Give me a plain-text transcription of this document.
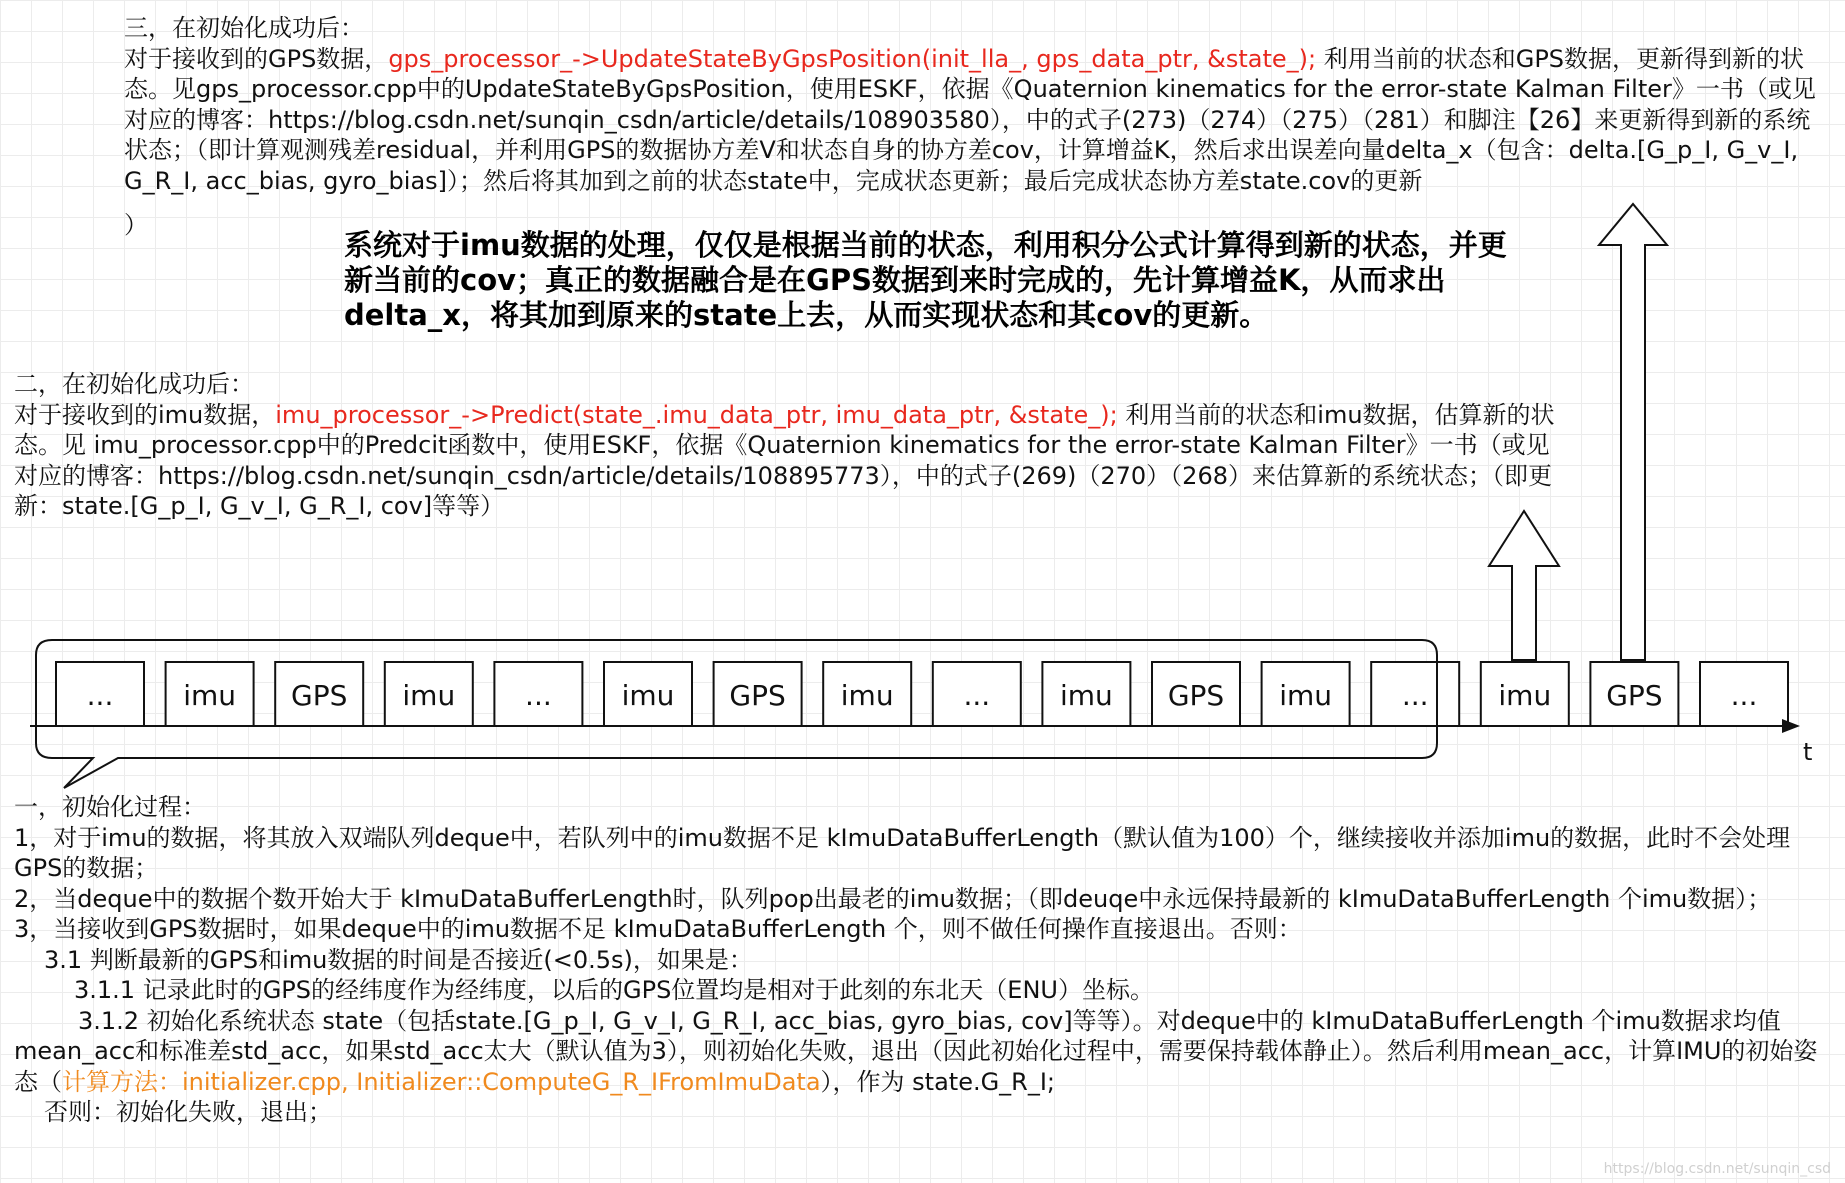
三，在初始化成功后：
对于接收到的GPS数据，gps_processor_->UpdateStateByGpsPosition(init_lla_, gps_data_ptr, &state_); 利用当前的状态和GPS数据，更新得到新的状态。见gps_processor.cpp中的UpdateStateByGpsPosition，使用ESKF，依据《Quaternion kinematics for the error-state Kalman Filter》一书（或见对应的博客：https://blog.csdn.net/sunqin_csdn/article/details/108903580），中的式子(273)（274）（275）（281）和脚注【26】来更新得到新的系统状态；（即计算观测残差residual，并利用GPS的数据协方差V和状态自身的协方差cov，计算增益K，然后求出误差向量delta_x（包含：delta.[G_p_I, G_v_I, G_R_I, acc_bias, gyro_bias]）；然后将其加到之前的状态state中，完成状态更新；最后完成状态协方差state.cov的更新
）
系统对于imu数据的处理，仅仅是根据当前的状态，利用积分公式计算得到新的状态，并更新当前的cov；真正的数据融合是在GPS数据到来时完成的，先计算增益K，从而求出delta_x，将其加到原来的state上去，从而实现状态和其cov的更新。
二，在初始化成功后：
对于接收到的imu数据，imu_processor_->Predict(state_.imu_data_ptr, imu_data_ptr, &state_); 利用当前的状态和imu数据，估算新的状态。见 imu_processor.cpp中的Predcit函数中，使用ESKF，依据《Quaternion kinematics for the error-state Kalman Filter》一书（或见对应的博客：https://blog.csdn.net/sunqin_csdn/article/details/108895773），中的式子(269)（270）（268）来估算新的系统状态；（即更新：state.[G_p_I, G_v_I, G_R_I, cov]等等）
... imu GPS imu ... imu GPS imu ... imu GPS imu ... imu GPS ...
t
一，初始化过程：
1，对于imu的数据，将其放入双端队列deque中，若队列中的imu数据不足 kImuDataBufferLength（默认值为100）个，继续接收并添加imu的数据，此时不会处理GPS的数据；
2，当deque中的数据个数开始大于 kImuDataBufferLength时，队列pop出最老的imu数据；（即deuqe中永远保持最新的 kImuDataBufferLength 个imu数据）；
3，当接收到GPS数据时，如果deque中的imu数据不足 kImuDataBufferLength 个，则不做任何操作直接退出。否则：
3.1 判断最新的GPS和imu数据的时间是否接近(<0.5s)，如果是：
3.1.1 记录此时的GPS的经纬度作为经纬度，以后的GPS位置均是相对于此刻的东北天（ENU）坐标。
3.1.2 初始化系统状态 state（包括state.[G_p_I, G_v_I, G_R_I, acc_bias, gyro_bias, cov]等等）。对deque中的 kImuDataBufferLength 个imu数据求均值mean_acc和标准差std_acc，如果std_acc太大（默认值为3），则初始化失败，退出（因此初始化过程中，需要保持载体静止）。然后利用mean_acc，计算IMU的初始姿态（计算方法：initializer.cpp, Initializer::ComputeG_R_IFromImuData），作为 state.G_R_I;
否则：初始化失败，退出；
https://blog.csdn.net/sunqin_csd
